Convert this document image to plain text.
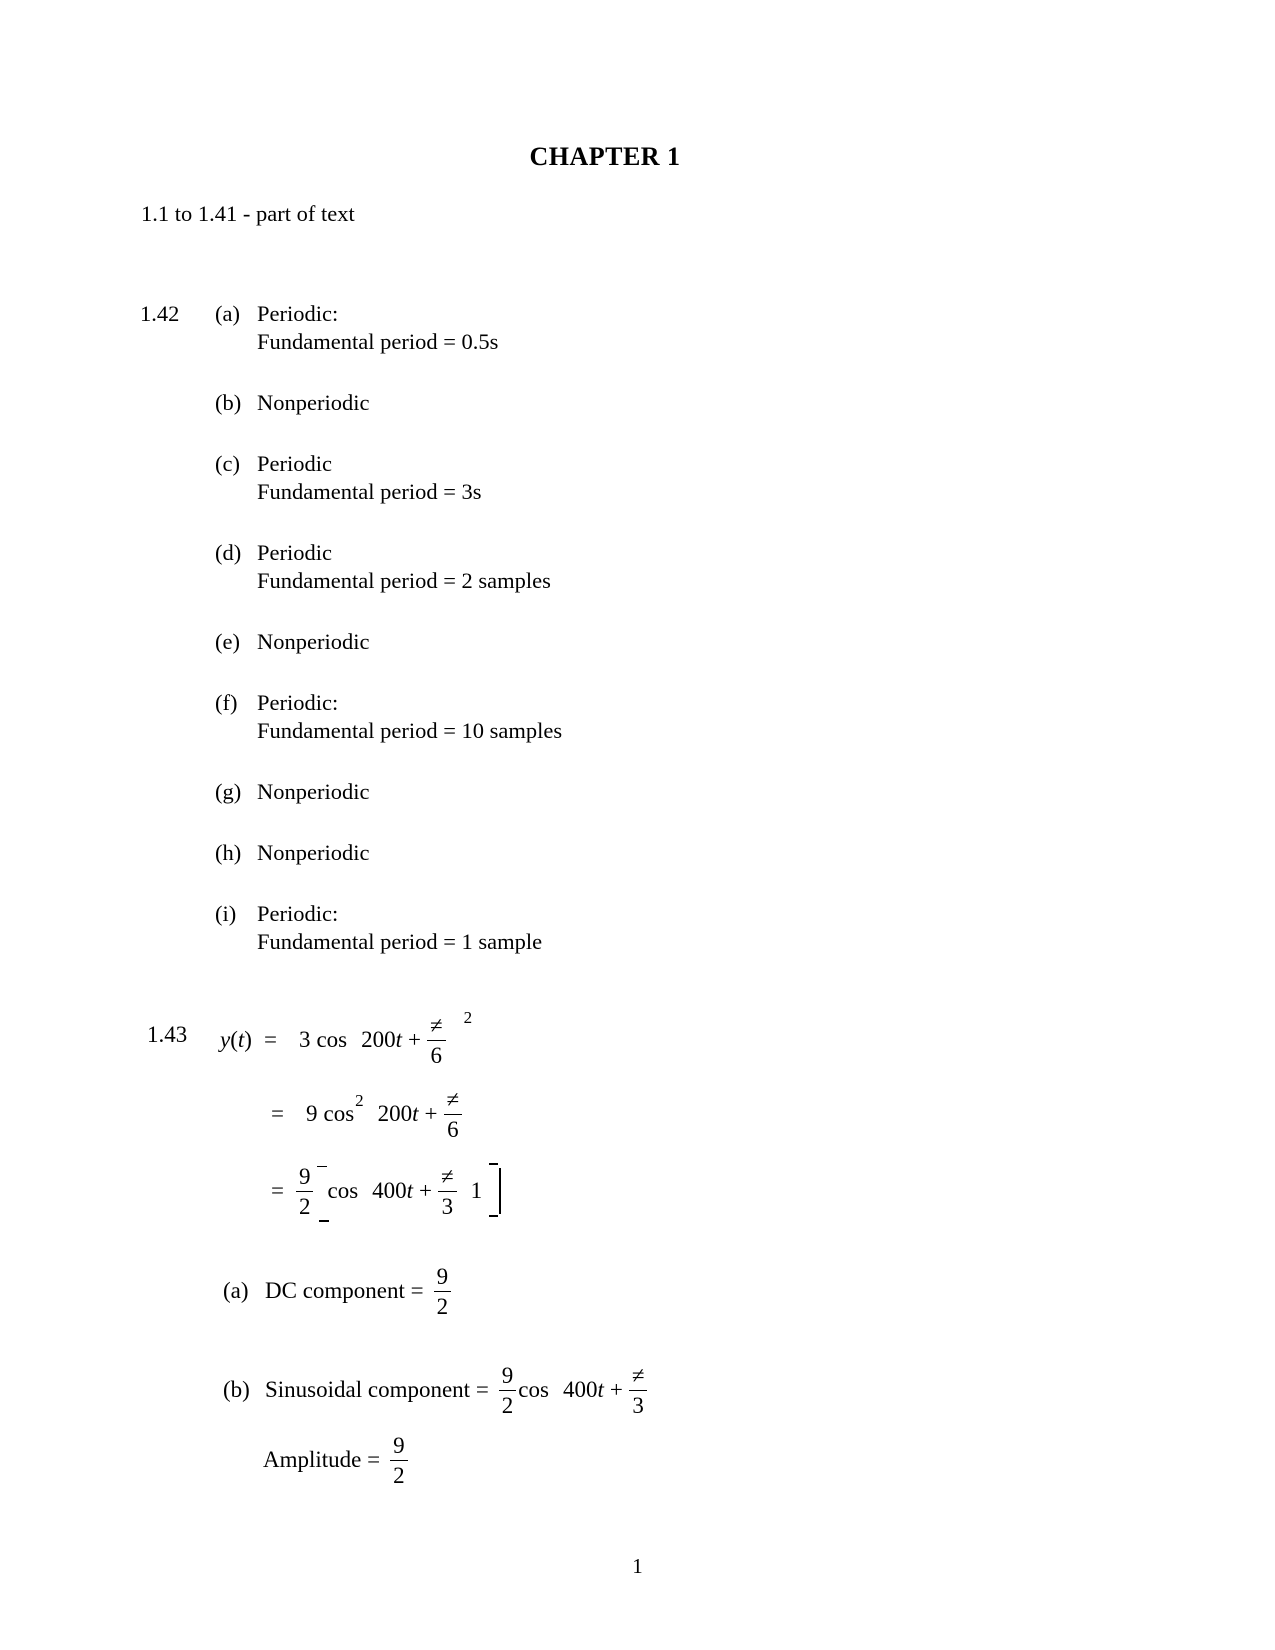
CHAPTER 1
1.1 to 1.41 - part of text
1.42 (a) Periodic:
Fundamental period = 0.5s
(b) Nonperiodic
(c) Periodic
Fundamental period = 3s
(d) Periodic
Fundamental period = 2 samples
(e) Nonperiodic
(f) Periodic:
Fundamental period = 10 samples
(g) Nonperiodic
(h) Nonperiodic
(i) Periodic:
Fundamental period = 1 sample
1.43 y ( t ) = 3 cos 200 $t + \frac{\ne}{6} 2$
= 9 cos
2
200 $t + \frac{\ne}{6}$
= $\frac{9}{2}$ cos 400 $t + \frac{\ne}{3} 1$
(a) DC component = $\frac{9}{2}$
(b) Sinusoidal component = $\frac{9}{2}$ cos 400 $t + \frac{\ne}{3}$
Amplitude = $\frac{9}{2}$
1
